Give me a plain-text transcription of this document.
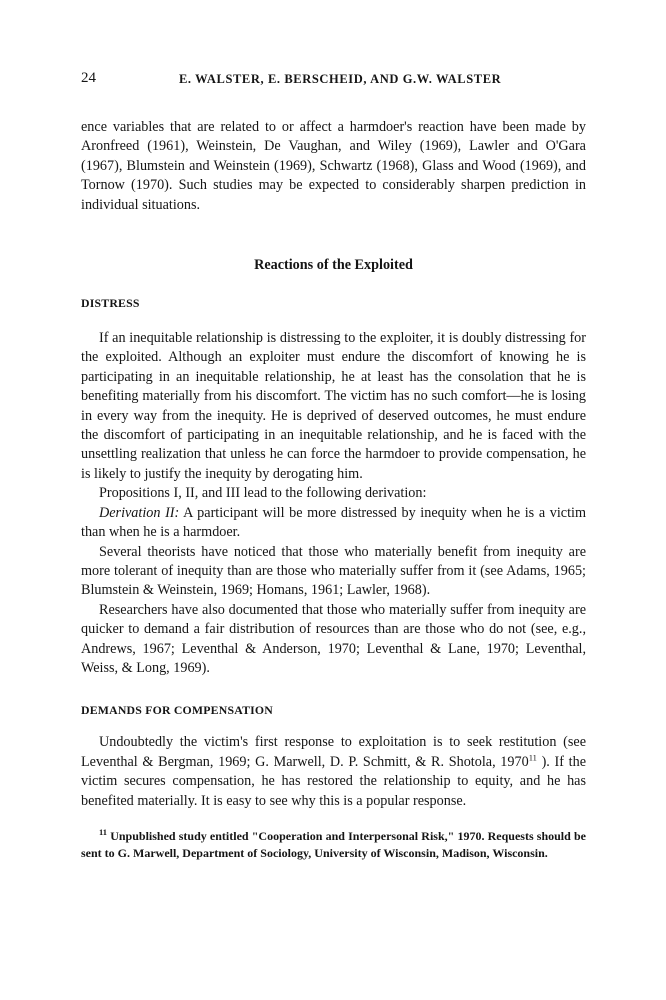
24	E. WALSTER, E. BERSCHEID, AND G.W. WALSTER

ence variables that are related to or affect a harmdoer's reaction have been made by Aronfreed (1961), Weinstein, De Vaughan, and Wiley (1969), Lawler and O'Gara (1967), Blumstein and Weinstein (1969), Schwartz (1968), Glass and Wood (1969), and Tornow (1970). Such studies may be expected to considerably sharpen prediction in individual situations.

Reactions of the Exploited
DISTRESS

If an inequitable relationship is distressing to the exploiter, it is doubly distressing for the exploited. Although an exploiter must endure the discomfort of knowing he is participating in an inequitable relationship, he at least has the consolation that he is benefiting materially from his discomfort. The victim has no such comfort—he is losing in every way from the inequity. He is deprived of deserved outcomes, he must endure the discomfort of participating in an inequitable relationship, and he is faced with the unsettling realization that unless he can force the harmdoer to provide compensation, he is likely to justify the inequity by derogating him.

Propositions I, II, and III lead to the following derivation:

Derivation II: A participant will be more distressed by inequity when he is a victim than when he is a harmdoer.

Several theorists have noticed that those who materially benefit from inequity are more tolerant of inequity than are those who materially suffer from it (see Adams, 1965; Blumstein & Weinstein, 1969; Homans, 1961; Lawler, 1968).

Researchers have also documented that those who materially suffer from inequity are quicker to demand a fair distribution of resources than are those who do not (see, e.g., Andrews, 1967; Leventhal & Anderson, 1970; Leventhal & Lane, 1970; Leventhal, Weiss, & Long, 1969).

DEMANDS FOR COMPENSATION

Undoubtedly the victim's first response to exploitation is to seek restitution (see Leventhal & Bergman, 1969; G. Marwell, D. P. Schmitt, & R. Shotola, 1970$^{11}$ ). If the victim secures compensation, he has restored the relationship to equity, and he has benefited materially. It is easy to see why this is a popular response.

$^{11}$ Unpublished study entitled "Cooperation and Interpersonal Risk," 1970. Requests should be sent to G. Marwell, Department of Sociology, University of Wisconsin, Madison, Wisconsin.
